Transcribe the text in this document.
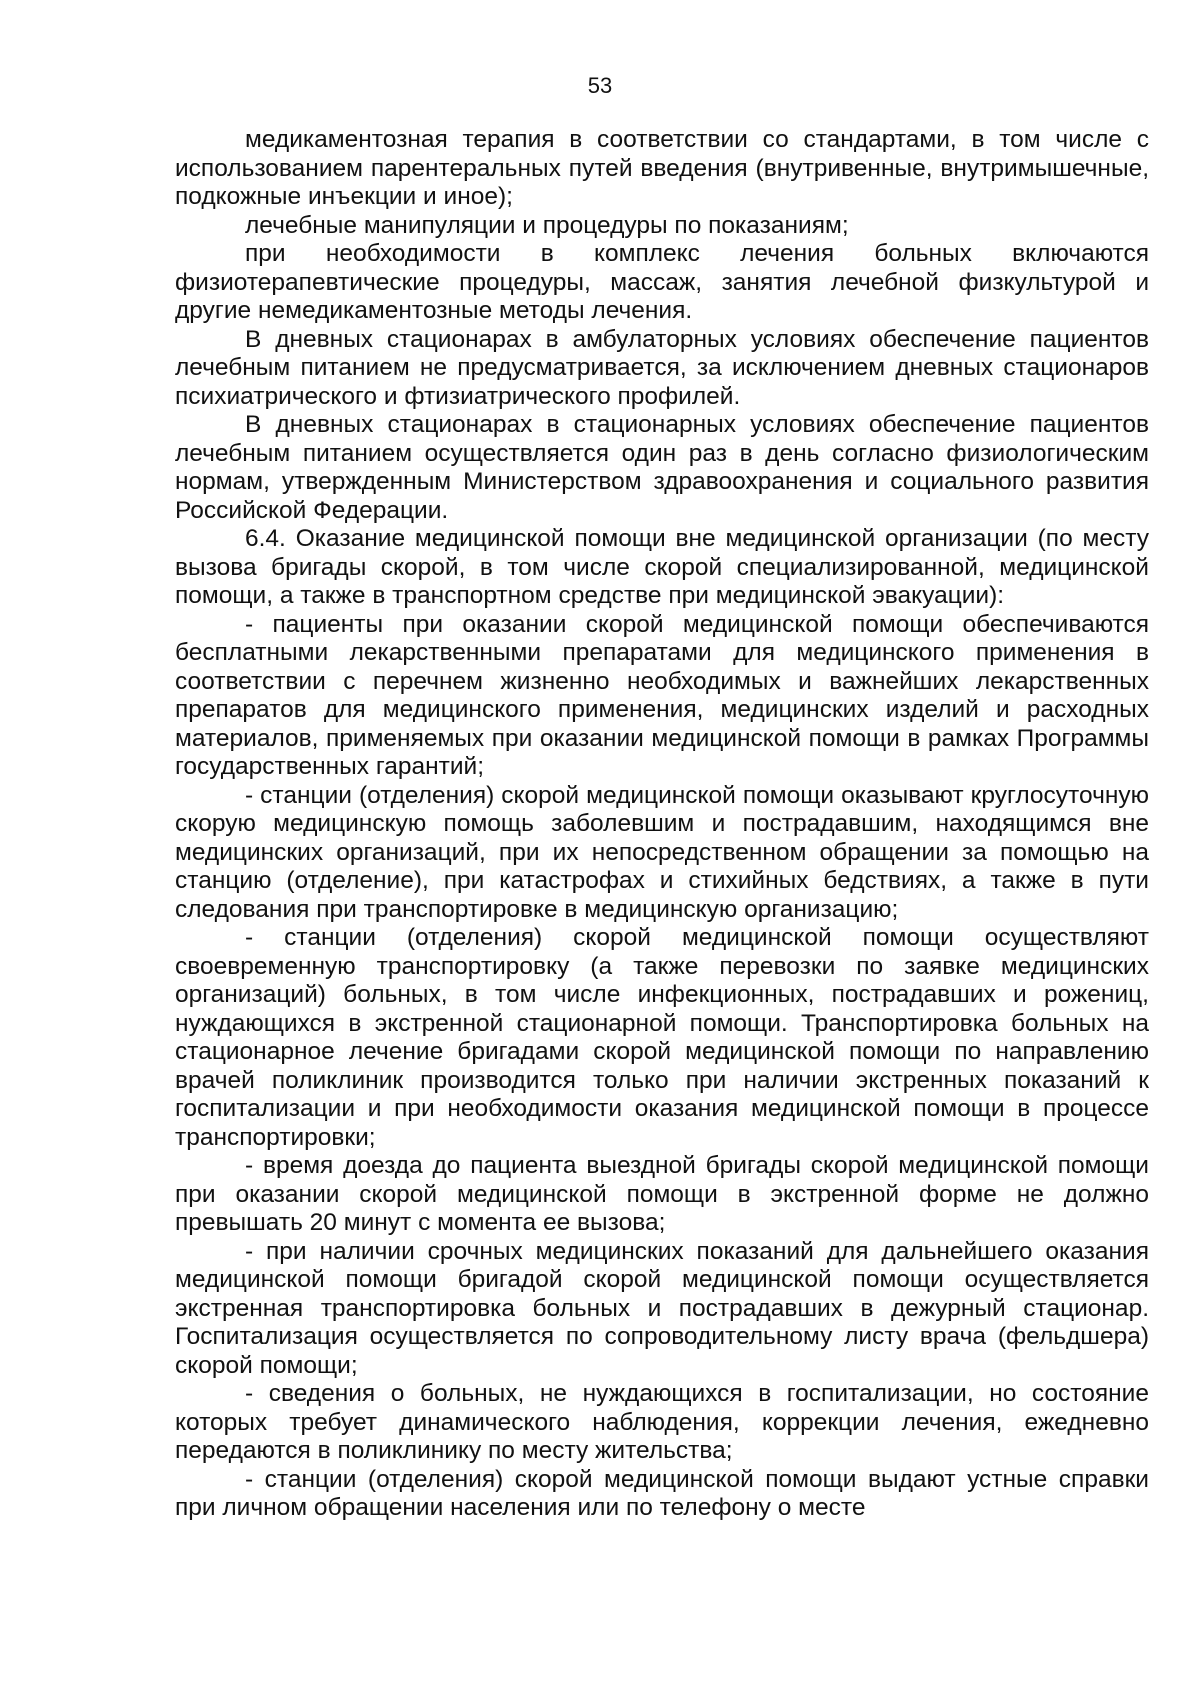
53

медикаментозная терапия в соответствии со стандартами, в том числе с использованием парентеральных путей введения (внутривенные, внутримышечные, подкожные инъекции и иное);

лечебные манипуляции и процедуры по показаниям;

при необходимости в комплекс лечения больных включаются физиотерапевтические процедуры, массаж, занятия лечебной физкультурой и другие немедикаментозные методы лечения.

В дневных стационарах в амбулаторных условиях обеспечение пациентов лечебным питанием не предусматривается, за исключением дневных стационаров психиатрического и фтизиатрического профилей.

В дневных стационарах в стационарных условиях обеспечение пациентов лечебным питанием осуществляется один раз в день согласно физиологическим нормам, утвержденным Министерством здравоохранения и социального развития Российской Федерации.

6.4. Оказание медицинской помощи вне медицинской организации (по месту вызова бригады скорой, в том числе скорой специализированной, медицинской помощи, а также в транспортном средстве при медицинской эвакуации):

- пациенты при оказании скорой медицинской помощи обеспечиваются бесплатными лекарственными препаратами для медицинского применения в соответствии с перечнем жизненно необходимых и важнейших лекарственных препаратов для медицинского применения, медицинских изделий и расходных материалов, применяемых при оказании медицинской помощи в рамках Программы государственных гарантий;

- станции (отделения) скорой медицинской помощи оказывают круглосуточную скорую медицинскую помощь заболевшим и пострадавшим, находящимся вне медицинских организаций, при их непосредственном обращении за помощью на станцию (отделение), при катастрофах и стихийных бедствиях, а также в пути следования при транспортировке в медицинскую организацию;

- станции (отделения) скорой медицинской помощи осуществляют своевременную транспортировку (а также перевозки по заявке медицинских организаций) больных, в том числе инфекционных, пострадавших и рожениц, нуждающихся в экстренной стационарной помощи. Транспортировка больных на стационарное лечение бригадами скорой медицинской помощи по направлению врачей поликлиник производится только при наличии экстренных показаний к госпитализации и при необходимости оказания медицинской помощи в процессе транспортировки;

- время доезда до пациента выездной бригады скорой медицинской помощи при оказании скорой медицинской помощи в экстренной форме не должно превышать 20 минут с момента ее вызова;

- при наличии срочных медицинских показаний для дальнейшего оказания медицинской помощи бригадой скорой медицинской помощи осуществляется экстренная транспортировка больных и пострадавших в дежурный стационар. Госпитализация осуществляется по сопроводительному листу врача (фельдшера) скорой помощи;

- сведения о больных, не нуждающихся в госпитализации, но состояние которых требует динамического наблюдения, коррекции лечения, ежедневно передаются в поликлинику по месту жительства;

- станции (отделения) скорой медицинской помощи выдают устные справки при личном обращении населения или по телефону о месте
